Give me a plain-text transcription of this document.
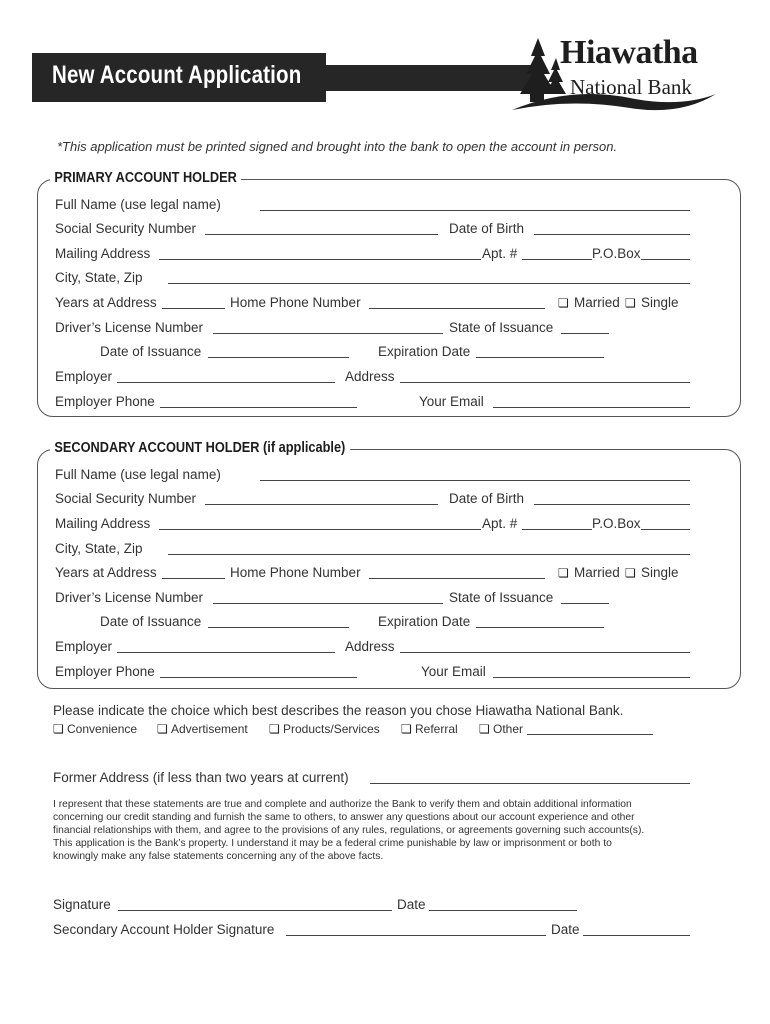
New Account Application
Hiawatha
National Bank
*This application must be printed signed and brought into the bank to open the account in person.
PRIMARY ACCOUNT HOLDER
Full Name (use legal name)
Social Security Number	Date of Birth
Mailing Address	Apt. #	P.O.Box
City, State, Zip
Years at Address	Home Phone Number	❏ Married ❏ Single
Driver’s License Number	State of Issuance
Date of Issuance	Expiration Date
Employer	Address
Employer Phone	Your Email
SECONDARY ACCOUNT HOLDER (if applicable)
Full Name (use legal name)
Social Security Number	Date of Birth
Mailing Address	Apt. #	P.O.Box
City, State, Zip
Years at Address	Home Phone Number	❏ Married ❏ Single
Driver’s License Number	State of Issuance
Date of Issuance	Expiration Date
Employer	Address
Employer Phone	Your Email
Please indicate the choice which best describes the reason you chose Hiawatha National Bank.
❏ Convenience ❏ Advertisement ❏ Products/Services ❏ Referral ❏ Other
Former Address (if less than two years at current)
I represent that these statements are true and complete and authorize the Bank to verify them and obtain additional information
concerning our credit standing and furnish the same to others, to answer any questions about our account experience and other
financial relationships with them, and agree to the provisions of any rules, regulations, or agreements governing such accounts(s).
This application is the Bank’s property. I understand it may be a federal crime punishable by law or imprisonment or both to
knowingly make any false statements concerning any of the above facts.
Signature	Date
Secondary Account Holder Signature	Date
